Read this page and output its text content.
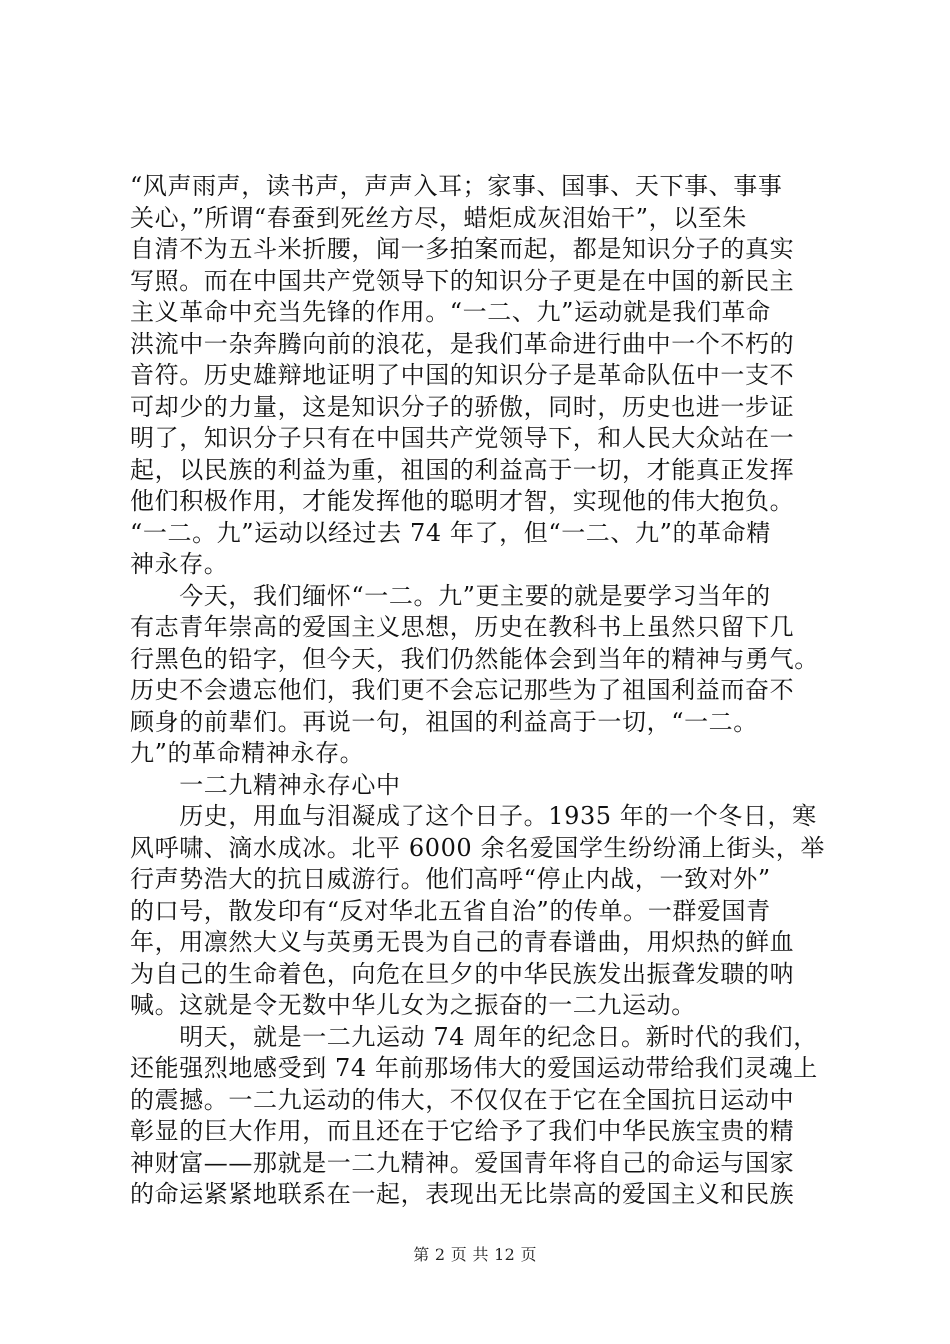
“风声雨声，读书声，声声入耳；家事、国事、天下事、事事
关心，”所谓“春蚕到死丝方尽，蜡炬成灰泪始干”，以至朱
自清不为五斗米折腰，闻一多拍案而起，都是知识分子的真实
写照。而在中国共产党领导下的知识分子更是在中国的新民主
主义革命中充当先锋的作用。“一二、九”运动就是我们革命
洪流中一杂奔腾向前的浪花，是我们革命进行曲中一个不朽的
音符。历史雄辩地证明了中国的知识分子是革命队伍中一支不
可却少的力量，这是知识分子的骄傲，同时，历史也进一步证
明了，知识分子只有在中国共产党领导下，和人民大众站在一
起，以民族的利益为重，祖国的利益高于一切，才能真正发挥
他们积极作用，才能发挥他的聪明才智，实现他的伟大抱负。
“一二。九”运动以经过去 74 年了，但“一二、九”的革命精
神永存。
　　今天，我们缅怀“一二。九”更主要的就是要学习当年的
有志青年崇高的爱国主义思想，历史在教科书上虽然只留下几
行黑色的铅字，但今天，我们仍然能体会到当年的精神与勇气。
历史不会遗忘他们，我们更不会忘记那些为了祖国利益而奋不
顾身的前辈们。再说一句，祖国的利益高于一切，“一二。
九”的革命精神永存。
　　一二九精神永存心中
　　历史，用血与泪凝成了这个日子。1935 年的一个冬日，寒
风呼啸、滴水成冰。北平 6000 余名爱国学生纷纷涌上街头，举
行声势浩大的抗日威游行。他们高呼“停止内战，一致对外”
的口号，散发印有“反对华北五省自治”的传单。一群爱国青
年，用凛然大义与英勇无畏为自己的青春谱曲，用炽热的鲜血
为自己的生命着色，向危在旦夕的中华民族发出振聋发聩的呐
喊。这就是令无数中华儿女为之振奋的一二九运动。
　　明天，就是一二九运动 74 周年的纪念日。新时代的我们，
还能强烈地感受到 74 年前那场伟大的爱国运动带给我们灵魂上
的震撼。一二九运动的伟大，不仅仅在于它在全国抗日运动中
彰显的巨大作用，而且还在于它给予了我们中华民族宝贵的精
神财富——那就是一二九精神。爱国青年将自己的命运与国家
的命运紧紧地联系在一起，表现出无比崇高的爱国主义和民族
第 2 页 共 12 页
